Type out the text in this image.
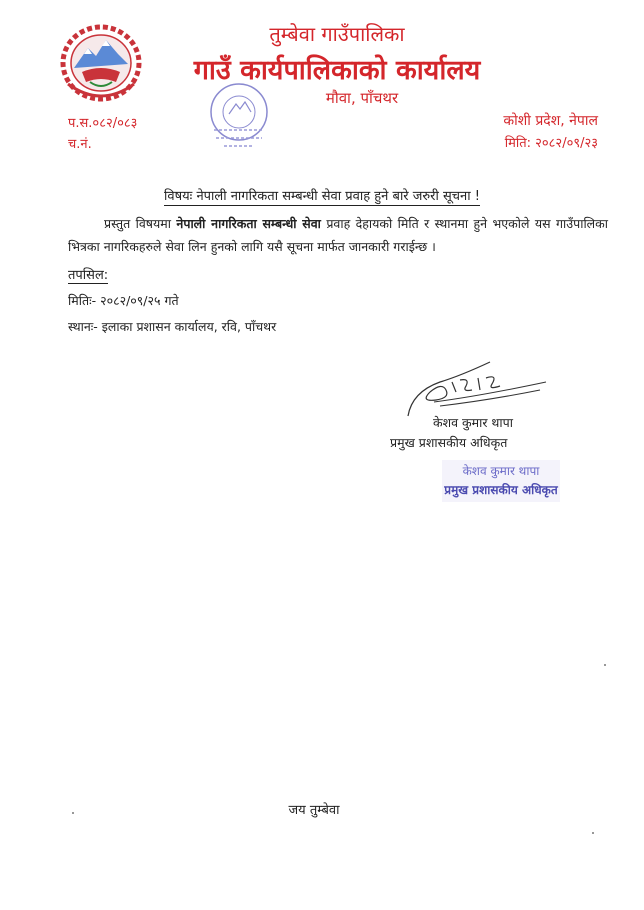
तुम्बेवा गाउँपालिका
गाउँ कार्यपालिकाको कार्यालय
मौवा, पाँचथर
प.स.०८२/०८३
च.नं.
कोशी प्रदेश, नेपाल
मिति: २०८२/०९/२३
विषयः नेपाली नागरिकता सम्बन्धी सेवा प्रवाह हुने बारे जरुरी सूचना !
प्रस्तुत विषयमा नेपाली नागरिकता सम्बन्धी सेवा प्रवाह देहायको मिति र स्थानमा हुने भएकोले यस गाउँपालिका भित्रका नागरिकहरुले सेवा लिन हुनको लागि यसै सूचना मार्फत जानकारी गराईन्छ ।
तपसिल:
मितिः- २०८२/०९/२५ गते
स्थानः- इलाका प्रशासन कार्यालय, रवि, पाँचथर
केशव कुमार थापा
प्रमुख प्रशासकीय अधिकृत
केशव कुमार थापा
प्रमुख प्रशासकीय अधिकृत
जय तुम्बेवा
